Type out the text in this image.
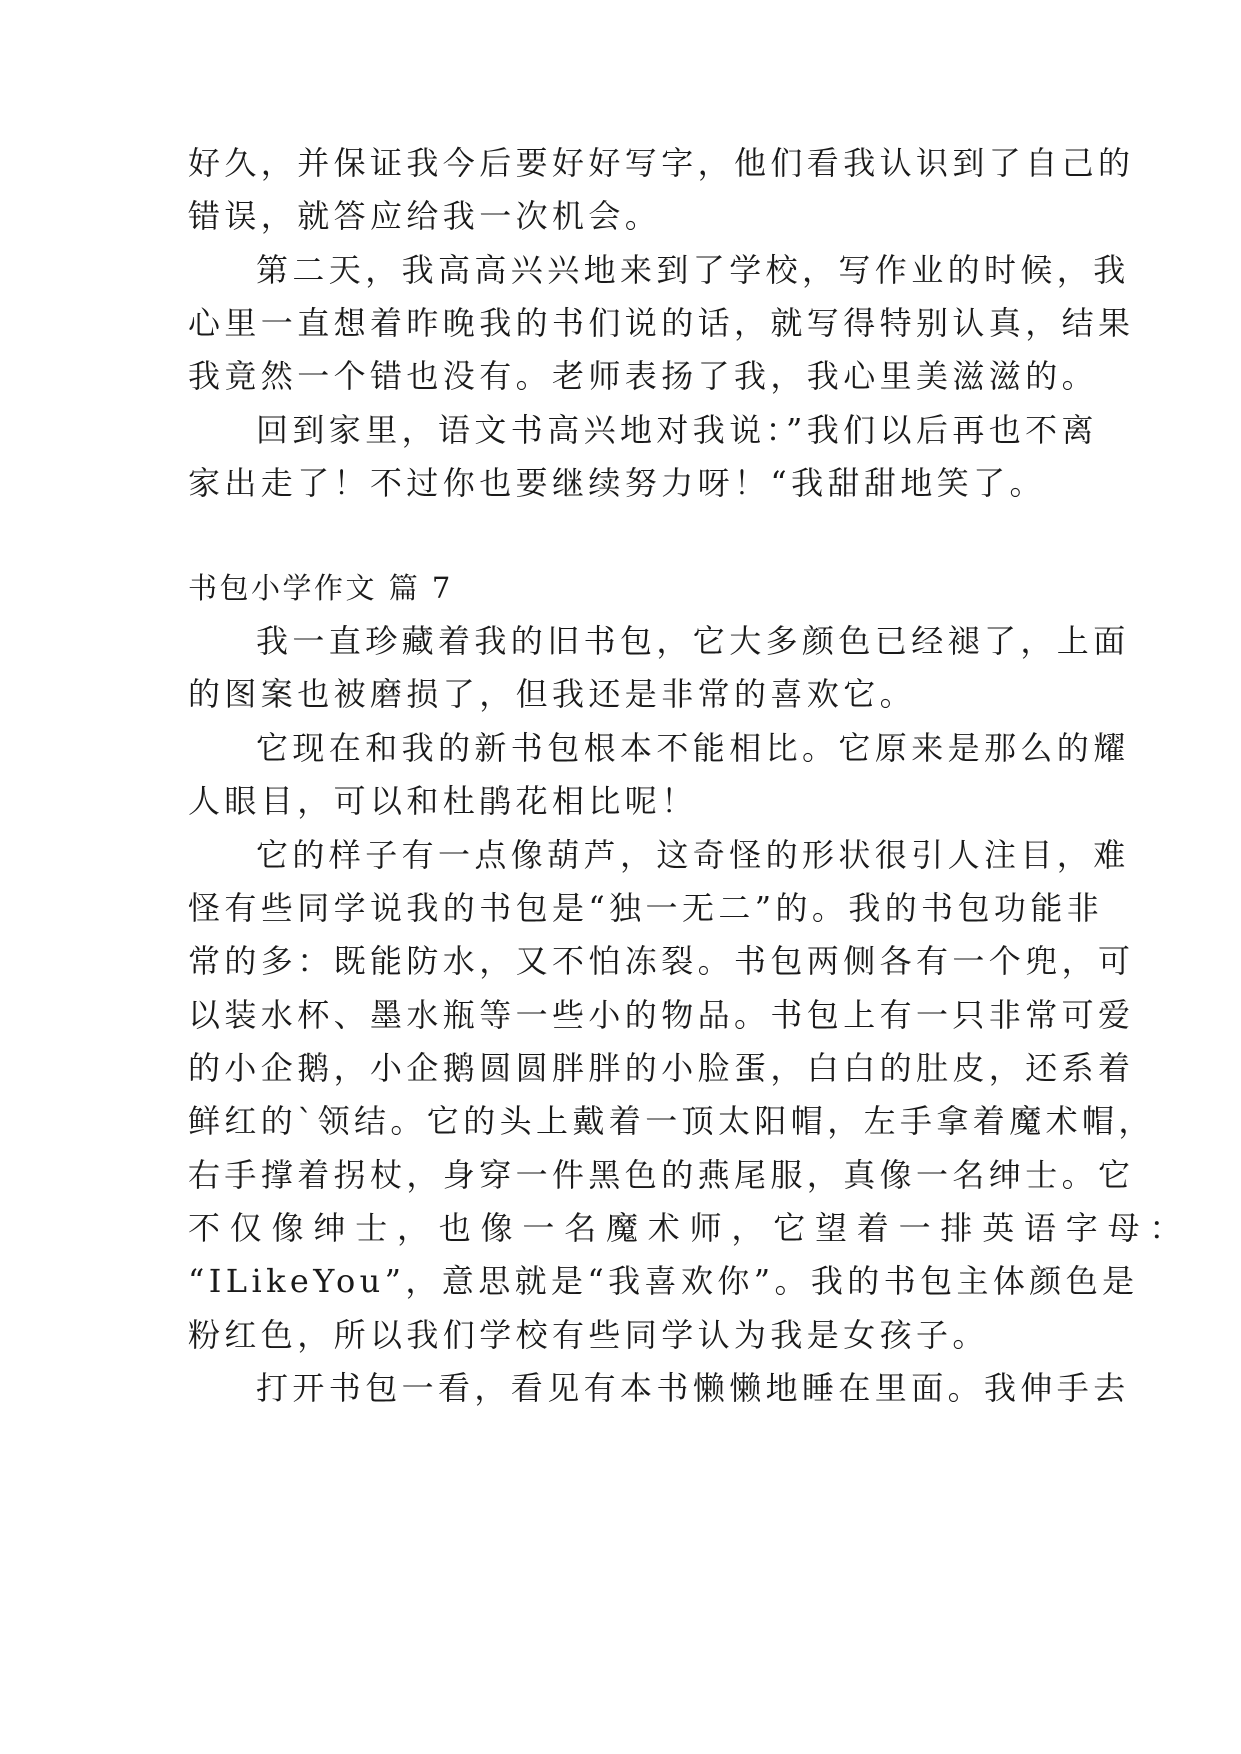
好久，并保证我今后要好好写字，他们看我认识到了自己的
错误，就答应给我一次机会。
第二天，我高高兴兴地来到了学校，写作业的时候，我
心里一直想着昨晚我的书们说的话，就写得特别认真，结果
我竟然一个错也没有。老师表扬了我，我心里美滋滋的。
回到家里，语文书高兴地对我说：”我们以后再也不离
家出走了！不过你也要继续努力呀！“我甜甜地笑了。
书包小学作文 篇 7
我一直珍藏着我的旧书包，它大多颜色已经褪了，上面
的图案也被磨损了，但我还是非常的喜欢它。
它现在和我的新书包根本不能相比。它原来是那么的耀
人眼目，可以和杜鹃花相比呢！
它的样子有一点像葫芦，这奇怪的形状很引人注目，难
怪有些同学说我的书包是“独一无二”的。我的书包功能非
常的多：既能防水，又不怕冻裂。书包两侧各有一个兜，可
以装水杯、墨水瓶等一些小的物品。书包上有一只非常可爱
的小企鹅，小企鹅圆圆胖胖的小脸蛋，白白的肚皮，还系着
鲜红的`领结。它的头上戴着一顶太阳帽，左手拿着魔术帽，
右手撑着拐杖，身穿一件黑色的燕尾服，真像一名绅士。它
不仅像绅士，也像一名魔术师，它望着一排英语字母：
“ILikeYou”，意思就是“我喜欢你”。我的书包主体颜色是
粉红色，所以我们学校有些同学认为我是女孩子。
打开书包一看，看见有本书懒懒地睡在里面。我伸手去
